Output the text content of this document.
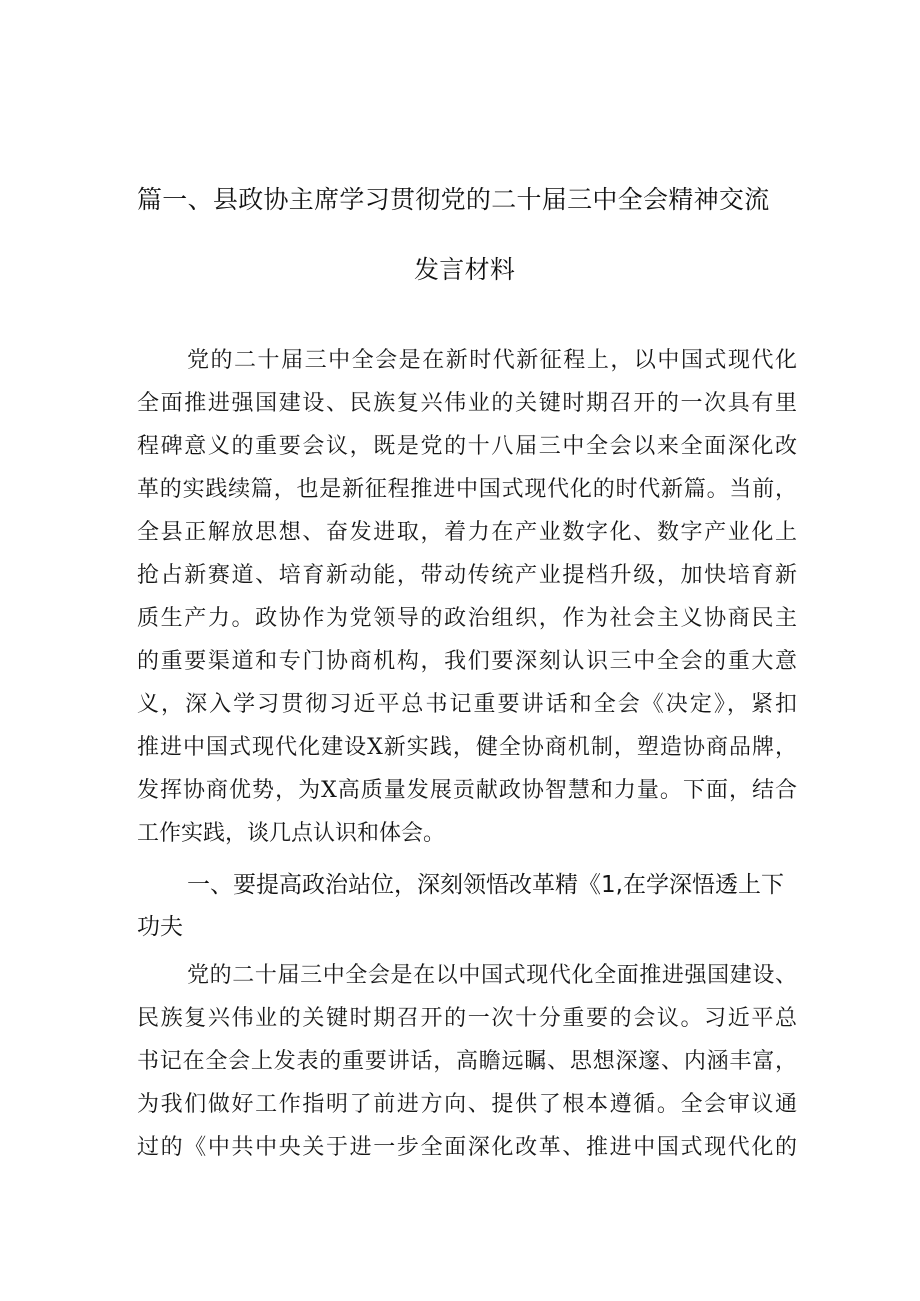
篇一、县政协主席学习贯彻党的二十届三中全会精神交流
发言材料
党的二十届三中全会是在新时代新征程上，以中国式现代化
全面推进强国建设、民族复兴伟业的关键时期召开的一次具有里
程碑意义的重要会议，既是党的十八届三中全会以来全面深化改
革的实践续篇，也是新征程推进中国式现代化的时代新篇。当前，
全县正解放思想、奋发进取，着力在产业数字化、数字产业化上
抢占新赛道、培育新动能，带动传统产业提档升级，加快培育新
质生产力。政协作为党领导的政治组织，作为社会主义协商民主
的重要渠道和专门协商机构，我们要深刻认识三中全会的重大意
义，深入学习贯彻习近平总书记重要讲话和全会《决定》，紧扣
推进中国式现代化建设X新实践，健全协商机制，塑造协商品牌，
发挥协商优势，为X高质量发展贡献政协智慧和力量。下面，结合
工作实践，谈几点认识和体会。
一、要提高政治站位，深刻领悟改革精《1,在学深悟透上下
功夫
党的二十届三中全会是在以中国式现代化全面推进强国建设、
民族复兴伟业的关键时期召开的一次十分重要的会议。习近平总
书记在全会上发表的重要讲话，高瞻远瞩、思想深邃、内涵丰富，
为我们做好工作指明了前进方向、提供了根本遵循。全会审议通
过的《中共中央关于进一步全面深化改革、推进中国式现代化的
